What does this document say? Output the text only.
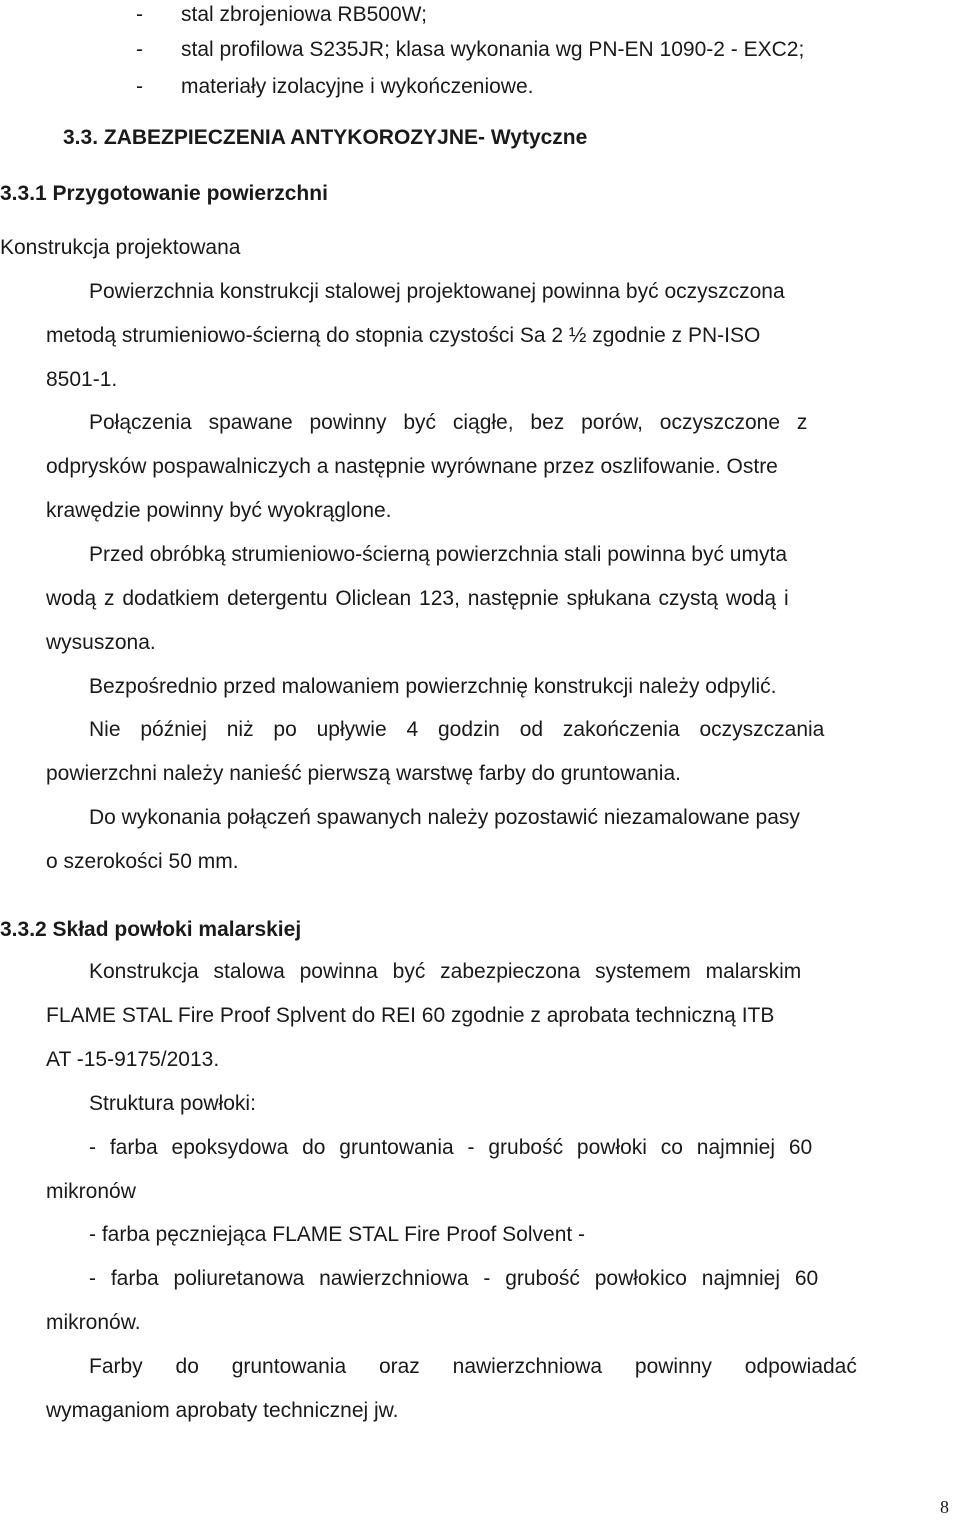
- stal zbrojeniowa RB500W;
- stal profilowa S235JR; klasa wykonania wg PN-EN 1090-2 - EXC2;
- materiały izolacyjne i wykończeniowe.
3.3. ZABEZPIECZENIA ANTYKOROZYJNE- Wytyczne
3.3.1 Przygotowanie powierzchni
Konstrukcja projektowana
Powierzchnia konstrukcji stalowej projektowanej powinna być oczyszczona
metodą strumieniowo-ścierną do stopnia czystości Sa 2 ½ zgodnie z PN-ISO
8501-1.
Połączenia spawane powinny być ciągłe, bez porów, oczyszczone z
odprysków pospawalniczych a następnie wyrównane przez oszlifowanie. Ostre
krawędzie powinny być wyokrąglone.
Przed obróbką strumieniowo-ścierną powierzchnia stali powinna być umyta
wodą z dodatkiem detergentu Oliclean 123, następnie spłukana czystą wodą i
wysuszona.
Bezpośrednio przed malowaniem powierzchnię konstrukcji należy odpylić.
Nie później niż po upływie 4 godzin od zakończenia oczyszczania
powierzchni należy nanieść pierwszą warstwę farby do gruntowania.
Do wykonania połączeń spawanych należy pozostawić niezamalowane pasy
o szerokości 50 mm.
3.3.2 Skład powłoki malarskiej
Konstrukcja stalowa powinna być zabezpieczona systemem malarskim
FLAME STAL Fire Proof Splvent do REI 60 zgodnie z aprobata techniczną ITB
AT -15-9175/2013.
Struktura powłoki:
- farba epoksydowa do gruntowania - grubość powłoki co najmniej 60
mikronów
- farba pęczniejąca FLAME STAL Fire Proof Solvent -
- farba poliuretanowa nawierzchniowa - grubość powłokico najmniej 60
mikronów.
Farby do gruntowania oraz nawierzchniowa powinny odpowiadać
wymaganiom aprobaty technicznej jw.
8
